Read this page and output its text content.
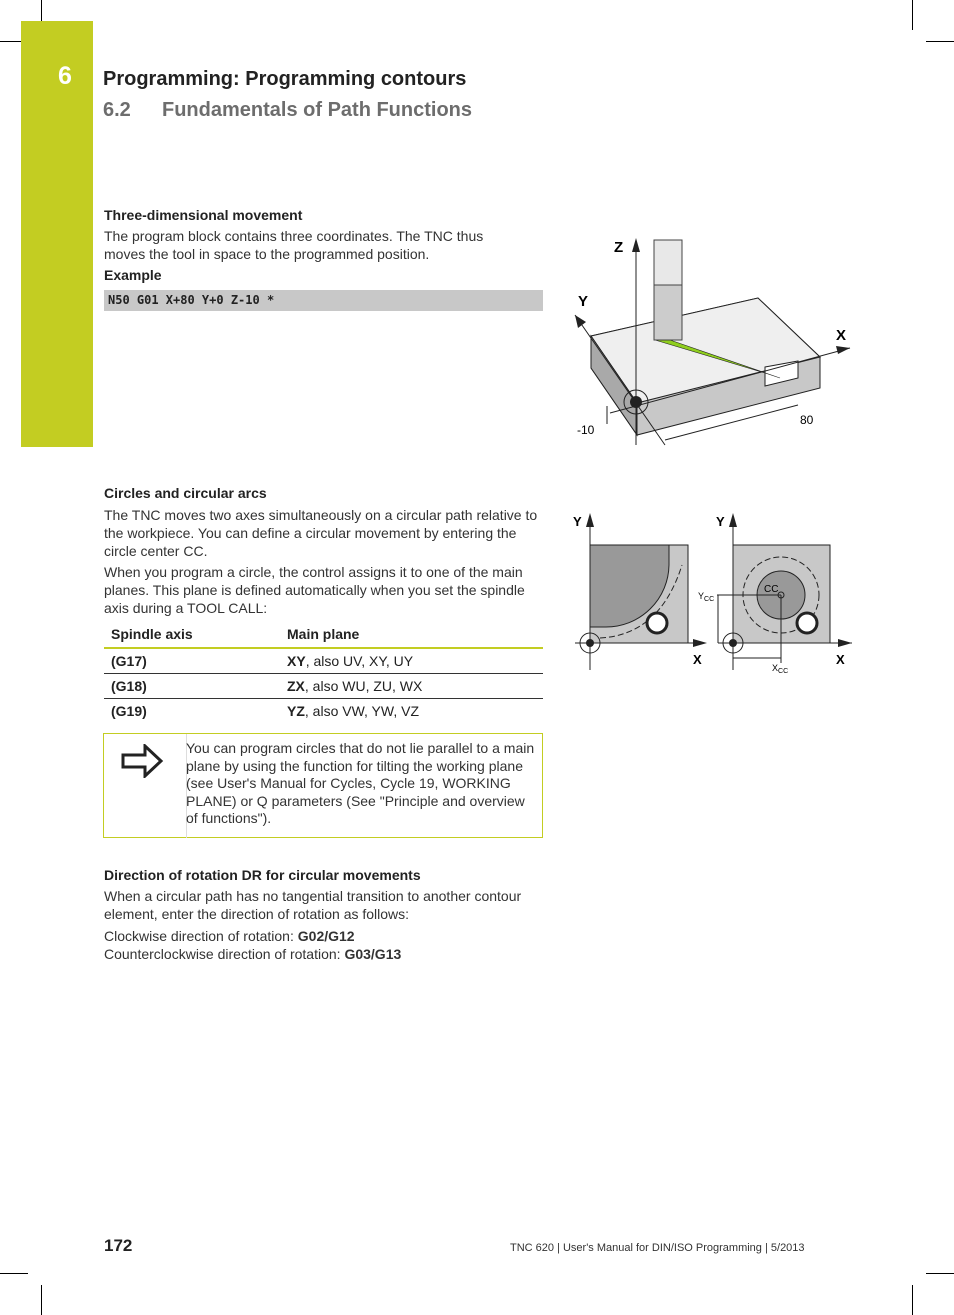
6 Programming: Programming contours
6.2 Fundamentals of Path Functions
Three-dimensional movement
The program block contains three coordinates. The TNC thus moves the tool in space to the programmed position.
Example
N50 G01 X+80 Y+0 Z-10 *
Z
Y
X
-10
80
Circles and circular arcs
The TNC moves two axes simultaneously on a circular path relative to the workpiece. You can define a circular movement by entering the circle center CC.
When you program a circle, the control assigns it to one of the main planes. This plane is defined automatically when you set the spindle axis during a TOOL CALL:
Y
X
Y
X
CC
$Y_{CC}$
$X_{CC}$
Spindle axis	Main plane
(G17)	XY, also UV, XY, UY
(G18)	ZX, also WU, ZU, WX
(G19)	YZ, also VW, YW, VZ
You can program circles that do not lie parallel to a main plane by using the function for tilting the working plane (see User's Manual for Cycles, Cycle 19, WORKING PLANE) or Q parameters (See "Principle and overview of functions").
Direction of rotation DR for circular movements
When a circular path has no tangential transition to another contour element, enter the direction of rotation as follows:
Clockwise direction of rotation: G02/G12
Counterclockwise direction of rotation: G03/G13
172	TNC 620 | User's Manual for DIN/ISO Programming | 5/2013
